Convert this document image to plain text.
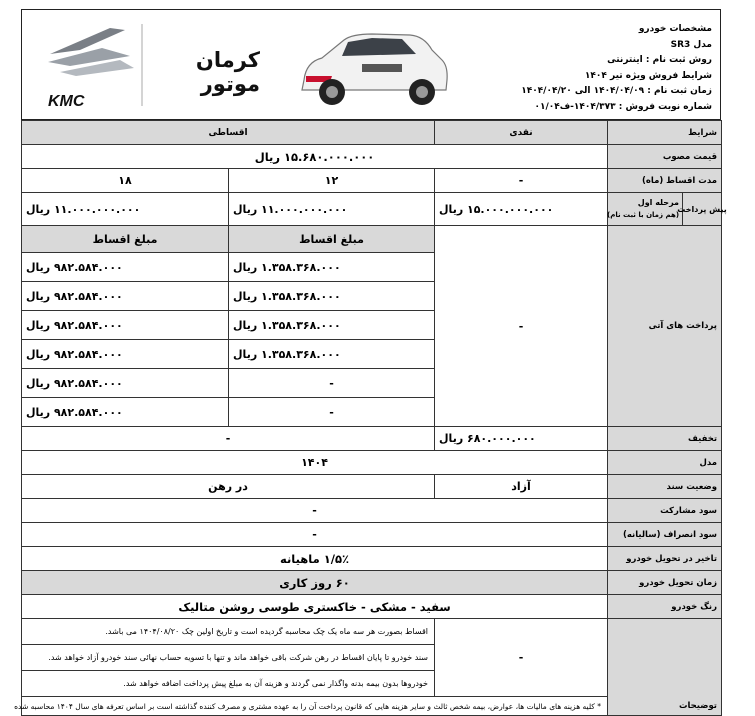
KMC
کرمان موتور
مشخصات خودرو
مدل SR3
روش ثبت نام : اینترنتی
شرایط فروش ویژه تیر ۱۴۰۴
زمان ثبت نام : ۱۴۰۴/۰۴/۰۹ الی ۱۴۰۴/۰۴/۲۰
شماره نوبت فروش : ۱۴۰۴/۳۷۳-ف۰۱/۰۴
شرایط	نقدی	اقساطی	
قیمت مصوب	۱۵.۶۸۰.۰۰۰.۰۰۰ ریال		
مدت اقساط (ماه)	-	۱۲	۱۸

پیش پرداخت
مرحله اول
(هم زمان با ثبت نام)	۱۵.۰۰۰.۰۰۰.۰۰۰ ریال	۱۱.۰۰۰.۰۰۰.۰۰۰ ریال	۱۱.۰۰۰.۰۰۰.۰۰۰ ریال
پرداخت های آتی	-	مبلغ اقساط	مبلغ اقساط
		۱.۳۵۸.۳۶۸.۰۰۰ ریال	۹۸۲.۵۸۴.۰۰۰ ریال
		۱.۳۵۸.۳۶۸.۰۰۰ ریال	۹۸۲.۵۸۴.۰۰۰ ریال
		۱.۳۵۸.۳۶۸.۰۰۰ ریال	۹۸۲.۵۸۴.۰۰۰ ریال
		۱.۳۵۸.۳۶۸.۰۰۰ ریال	۹۸۲.۵۸۴.۰۰۰ ریال
		-	۹۸۲.۵۸۴.۰۰۰ ریال
		-	۹۸۲.۵۸۴.۰۰۰ ریال
تخفیف	۶۸۰.۰۰۰.۰۰۰ ریال	-	
مدل	۱۴۰۴		
وضعیت سند	آزاد	در رهن	
سود مشارکت	-		
سود انصراف (سالیانه)	-		
تاخیر در تحویل خودرو	۱/۵٪ ماهیانه		
زمان تحویل خودرو	۶۰ روز کاری		
رنگ خودرو	سفید - مشکی - خاکستری طوسی روشن متالیک		
توضیحات	-	اقساط بصورت هر سه ماه یک چک محاسبه گردیده است و تاریخ اولین چک ۱۴۰۴/۰۸/۲۰ می باشد.	
		سند خودرو تا پایان اقساط در رهن شرکت باقی خواهد ماند و تنها با تسویه حساب نهائی سند خودرو آزاد خواهد شد.	
		خودروها بدون بیمه بدنه واگذار نمی گردند و هزینه آن به مبلغ پیش پرداخت اضافه خواهد شد.	
	* کلیه هزینه های مالیات ها، عوارض، بیمه شخص ثالث و سایر هزینه هایی که قانون پرداخت آن را به عهده مشتری و مصرف کننده گذاشته است بر اساس تعرفه های سال ۱۴۰۴ محاسبه شده		
